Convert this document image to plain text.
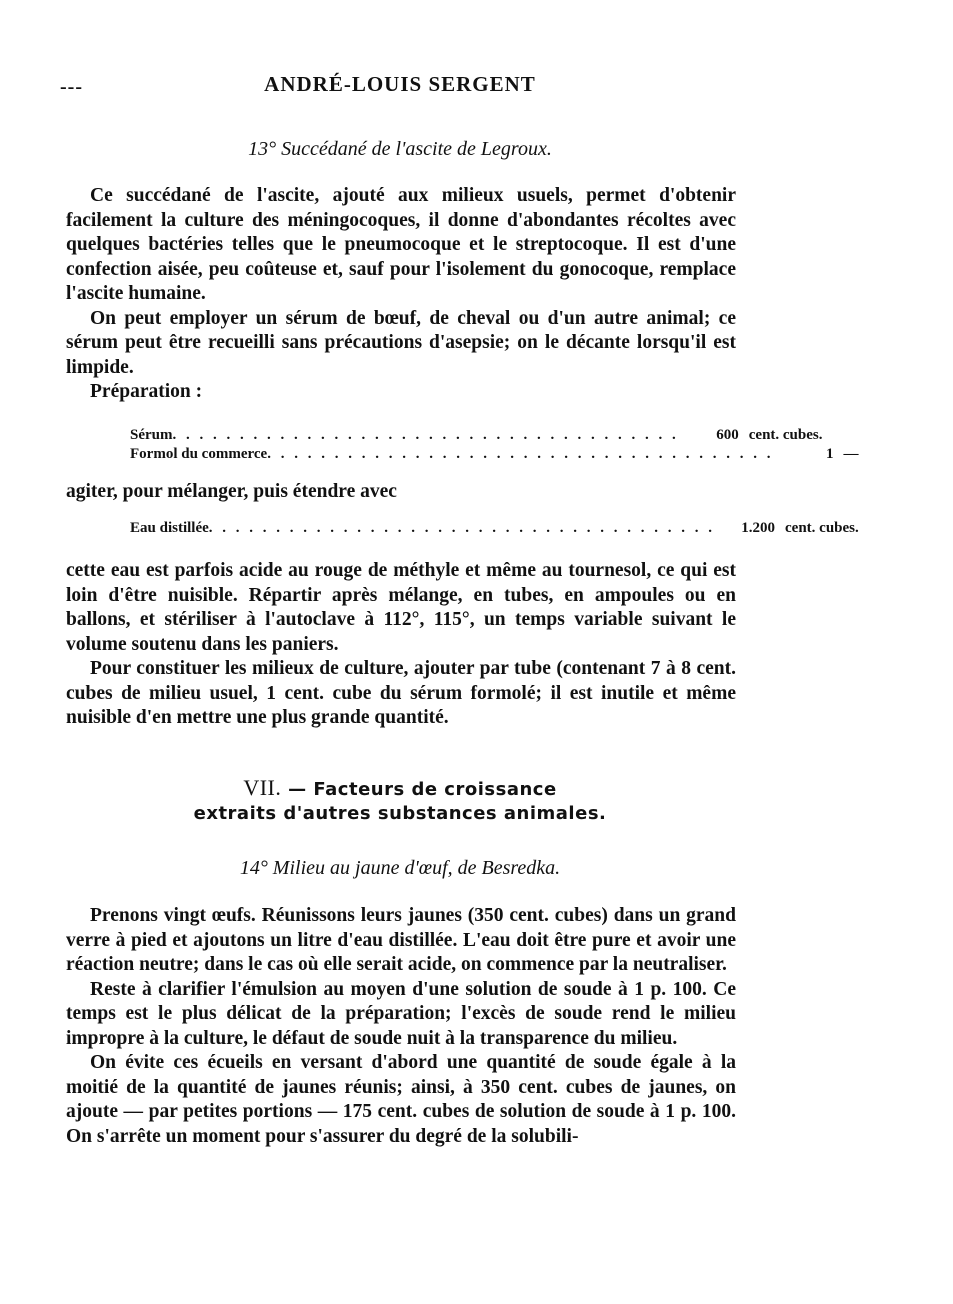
---	ANDRÉ-LOUIS SERGENT
13° Succédané de l'ascite de Legroux.

Ce succédané de l'ascite, ajouté aux milieux usuels, permet d'obtenir facilement la culture des méningocoques, il donne d'abondantes récoltes avec quelques bactéries telles que le pneumocoque et le streptocoque. Il est d'une confection aisée, peu coûteuse et, sauf pour l'isolement du gonocoque, remplace l'ascite humaine.

On peut employer un sérum de bœuf, de cheval ou d'un autre animal; ce sérum peut être recueilli sans précautions d'asepsie; on le décante lorsqu'il est limpide.

Préparation :

Sérum . . . . . . . . . . . . . . . . . . . . . . . . . . . . . . . . . . . . . .	600 cent. cubes.
Formol du commerce . . . . . . . . . . . . . . . . . . . . . . . . . . . . . . . . . . . . . .	1 —

agiter, pour mélanger, puis étendre avec

Eau distillée . . . . . . . . . . . . . . . . . . . . . . . . . . . . . . . . . . . . . .	1.200 cent. cubes.

cette eau est parfois acide au rouge de méthyle et même au tournesol, ce qui est loin d'être nuisible. Répartir après mélange, en tubes, en ampoules ou en ballons, et stériliser à l'autoclave à 112°, 115°, un temps variable suivant le volume soutenu dans les paniers.

Pour constituer les milieux de culture, ajouter par tube (contenant 7 à 8 cent. cubes de milieu usuel, 1 cent. cube du sérum formolé; il est inutile et même nuisible d'en mettre une plus grande quantité.

VII. — Facteurs de croissance
extraits d'autres substances animales.
14° Milieu au jaune d'œuf, de Besredka.

Prenons vingt œufs. Réunissons leurs jaunes (350 cent. cubes) dans un grand verre à pied et ajoutons un litre d'eau distillée. L'eau doit être pure et avoir une réaction neutre; dans le cas où elle serait acide, on commence par la neutraliser.

Reste à clarifier l'émulsion au moyen d'une solution de soude à 1 p. 100. Ce temps est le plus délicat de la préparation; l'excès de soude rend le milieu impropre à la culture, le défaut de soude nuit à la transparence du milieu.

On évite ces écueils en versant d'abord une quantité de soude égale à la moitié de la quantité de jaunes réunis; ainsi, à 350 cent. cubes de jaunes, on ajoute — par petites portions — 175 cent. cubes de solution de soude à 1 p. 100. On s'arrête un moment pour s'assurer du degré de la solubili-
